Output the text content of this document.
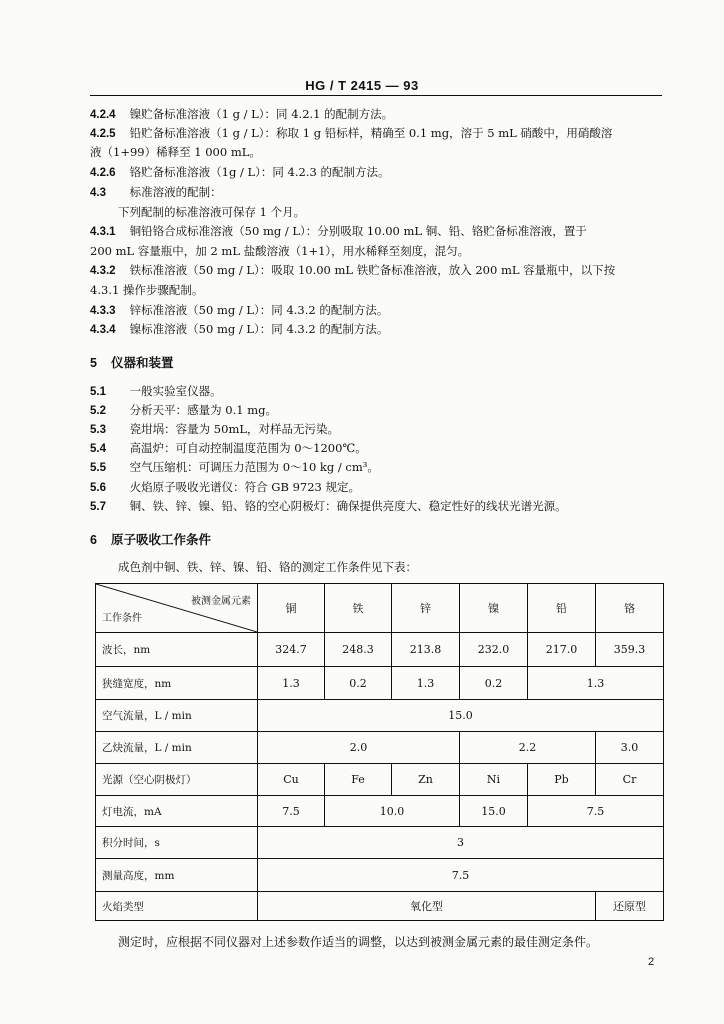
HG / T 2415 — 93
4.2.4 镍贮备标准溶液（1 g / L）：同 4.2.1 的配制方法。
4.2.5 铅贮备标准溶液（1 g / L）：称取 1 g 铅标样，精确至 0.1 mg，溶于 5 mL 硝酸中，用硝酸溶
液（1+99）稀释至 1 000 mL。
4.2.6 铬贮备标准溶液（1g / L）：同 4.2.3 的配制方法。
4.3 标准溶液的配制：
下列配制的标准溶液可保存 1 个月。
4.3.1 铜铅铬合成标准溶液（50 mg / L）：分别吸取 10.00 mL 铜、铅、铬贮备标准溶液，置于
200 mL 容量瓶中，加 2 mL 盐酸溶液（1+1），用水稀释至刻度，混匀。
4.3.2 铁标准溶液（50 mg / L）：吸取 10.00 mL 铁贮备标准溶液，放入 200 mL 容量瓶中，以下按
4.3.1 操作步骤配制。
4.3.3 锌标准溶液（50 mg / L）：同 4.3.2 的配制方法。
4.3.4 镍标准溶液（50 mg / L）：同 4.3.2 的配制方法。
5 仪器和装置
5.1 一般实验室仪器。
5.2 分析天平：感量为 0.1 mg。
5.3 瓷坩埚：容量为 50mL，对样品无污染。
5.4 高温炉：可自动控制温度范围为 0～1200℃。
5.5 空气压缩机：可调压力范围为 0～10 kg / cm³。
5.6 火焰原子吸收光谱仪：符合 GB 9723 规定。
5.7 铜、铁、锌、镍、铅、铬的空心阴极灯：确保提供亮度大、稳定性好的线状光谱光源。
6 原子吸收工作条件
成色剂中铜、铁、锌、镍、铅、铬的测定工作条件见下表：
被测金属元素
工作条件	铜	铁	锌	镍	铅	铬
波长，nm	324.7	248.3	213.8	232.0	217.0	359.3
狭缝宽度，nm	1.3	0.2	1.3	0.2	1.3	
空气流量，L / min	15.0					
乙炔流量，L / min	2.0			2.2		3.0
光源（空心阴极灯）	Cu	Fe	Zn	Ni	Pb	Cr
灯电流，mA	7.5	10.0		15.0	7.5	
积分时间，s	3					
测量高度，mm	7.5					
火焰类型	氧化型					还原型
测定时，应根据不同仪器对上述参数作适当的调整，以达到被测金属元素的最佳测定条件。
2
